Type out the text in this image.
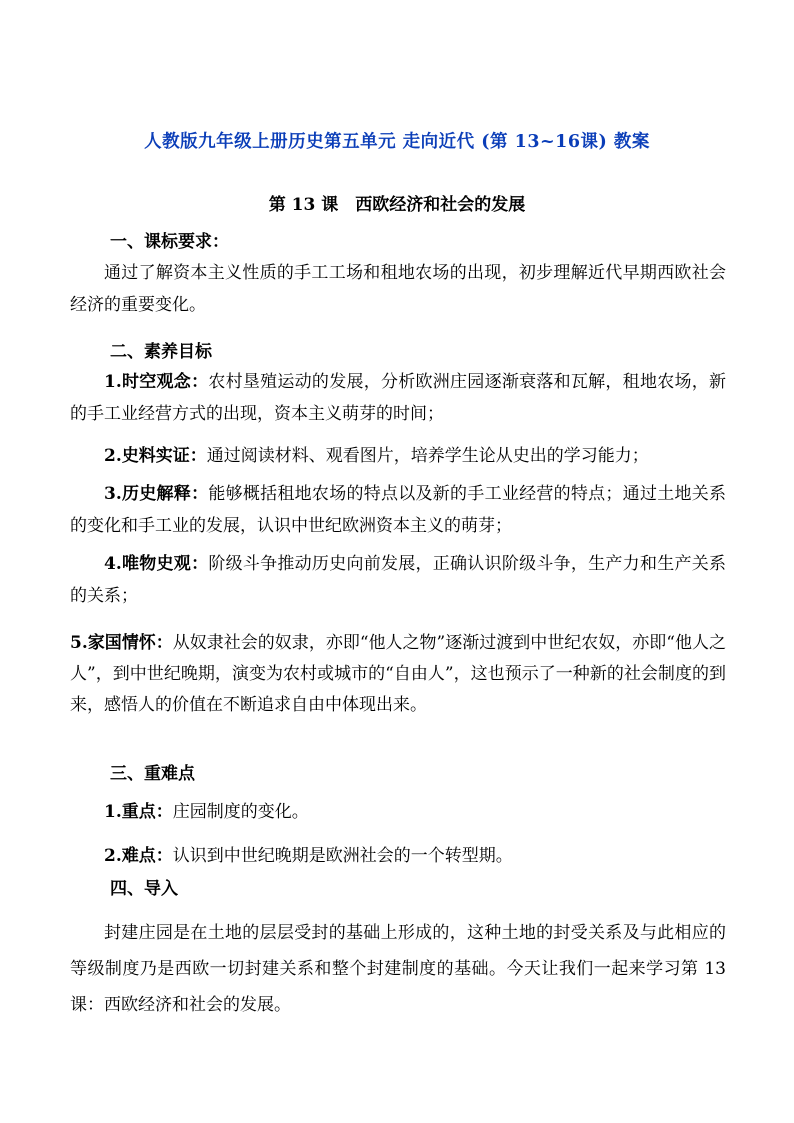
人教版九年级上册历史第五单元 走向近代 (第 13~16课) 教案
第 13 课　西欧经济和社会的发展
一、课标要求：
通过了解资本主义性质的手工工场和租地农场的出现，初步理解近代早期西欧社会经济的重要变化。
二、素养目标
1.时空观念：农村垦殖运动的发展，分析欧洲庄园逐渐衰落和瓦解，租地农场，新的手工业经营方式的出现，资本主义萌芽的时间；
2.史料实证：通过阅读材料、观看图片，培养学生论从史出的学习能力；
3.历史解释：能够概括租地农场的特点以及新的手工业经营的特点；通过土地关系的变化和手工业的发展，认识中世纪欧洲资本主义的萌芽；
4.唯物史观：阶级斗争推动历史向前发展，正确认识阶级斗争，生产力和生产关系的关系；
5.家国情怀：从奴隶社会的奴隶，亦即“他人之物”逐渐过渡到中世纪农奴，亦即“他人之人”，到中世纪晚期，演变为农村或城市的“自由人”，这也预示了一种新的社会制度的到来，感悟人的价值在不断追求自由中体现出来。
三、重难点
1.重点：庄园制度的变化。
2.难点：认识到中世纪晚期是欧洲社会的一个转型期。
四、导入
封建庄园是在土地的层层受封的基础上形成的，这种土地的封受关系及与此相应的等级制度乃是西欧一切封建关系和整个封建制度的基础。今天让我们一起来学习第 13 课：西欧经济和社会的发展。
